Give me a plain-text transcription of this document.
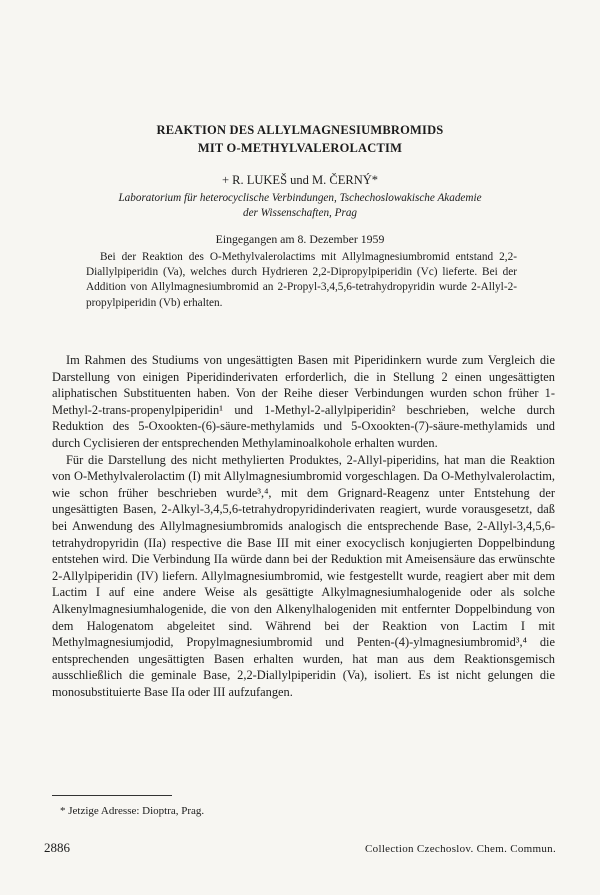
REAKTION DES ALLYLMAGNESIUMBROMIDS
MIT O-METHYLVALEROLACTIM
+ R. LUKEŠ und M. ČERNÝ*
Laboratorium für heterocyclische Verbindungen, Tschechoslowakische Akademie
der Wissenschaften, Prag
Eingegangen am 8. Dezember 1959

Bei der Reaktion des O-Methylvalerolactims mit Allylmagnesiumbromid entstand 2,2-Diallylpiperidin (Va), welches durch Hydrieren 2,2-Dipropylpiperidin (Vc) lieferte. Bei der Addition von Allylmagnesiumbromid an 2-Propyl-3,4,5,6-tetrahydropyridin wurde 2-Allyl-2-propylpiperidin (Vb) erhalten.

Im Rahmen des Studiums von ungesättigten Basen mit Piperidinkern wurde zum Vergleich die Darstellung von einigen Piperidinderivaten erforderlich, die in Stellung 2 einen ungesättigten aliphatischen Substituenten haben. Von der Reihe dieser Verbindungen wurden schon früher 1-Methyl-2-trans-propenylpiperidin¹ und 1-Methyl-2-allylpiperidin² beschrieben, welche durch Reduktion des 5-Oxookten-(6)-säure-methylamids und 5-Oxookten-(7)-säure-methylamids und durch Cyclisieren der entsprechenden Methylaminoalkohole erhalten wurden.

Für die Darstellung des nicht methylierten Produktes, 2-Allyl-piperidins, hat man die Reaktion von O-Methylvalerolactim (I) mit Allylmagnesiumbromid vorgeschlagen. Da O-Methylvalerolactim, wie schon früher beschrieben wurde³,⁴, mit dem Grignard-Reagenz unter Entstehung der ungesättigten Basen, 2-Alkyl-3,4,5,6-tetrahydropyridinderivaten reagiert, wurde vorausgesetzt, daß bei Anwendung des Allylmagnesiumbromids analogisch die entsprechende Base, 2-Allyl-3,4,5,6-tetrahydropyridin (IIa) respective die Base III mit einer exocyclisch konjugierten Doppelbindung entstehen wird. Die Verbindung IIa würde dann bei der Reduktion mit Ameisensäure das erwünschte 2-Allylpiperidin (IV) liefern. Allylmagnesiumbromid, wie festgestellt wurde, reagiert aber mit dem Lactim I auf eine andere Weise als gesättigte Alkylmagnesiumhalogenide oder als solche Alkenylmagnesiumhalogenide, die von den Alkenylhalogeniden mit entfernter Doppelbindung von dem Halogenatom abgeleitet sind. Während bei der Reaktion von Lactim I mit Methylmagnesiumjodid, Propylmagnesiumbromid und Penten-(4)-ylmagnesiumbromid³,⁴ die entsprechenden ungesättigten Basen erhalten wurden, hat man aus dem Reaktionsgemisch ausschließlich die geminale Base, 2,2-Diallylpiperidin (Va), isoliert. Es ist nicht gelungen die monosubstituierte Base IIa oder III aufzufangen.

* Jetzige Adresse: Dioptra, Prag.
2886	Collection Czechoslov. Chem. Commun.
